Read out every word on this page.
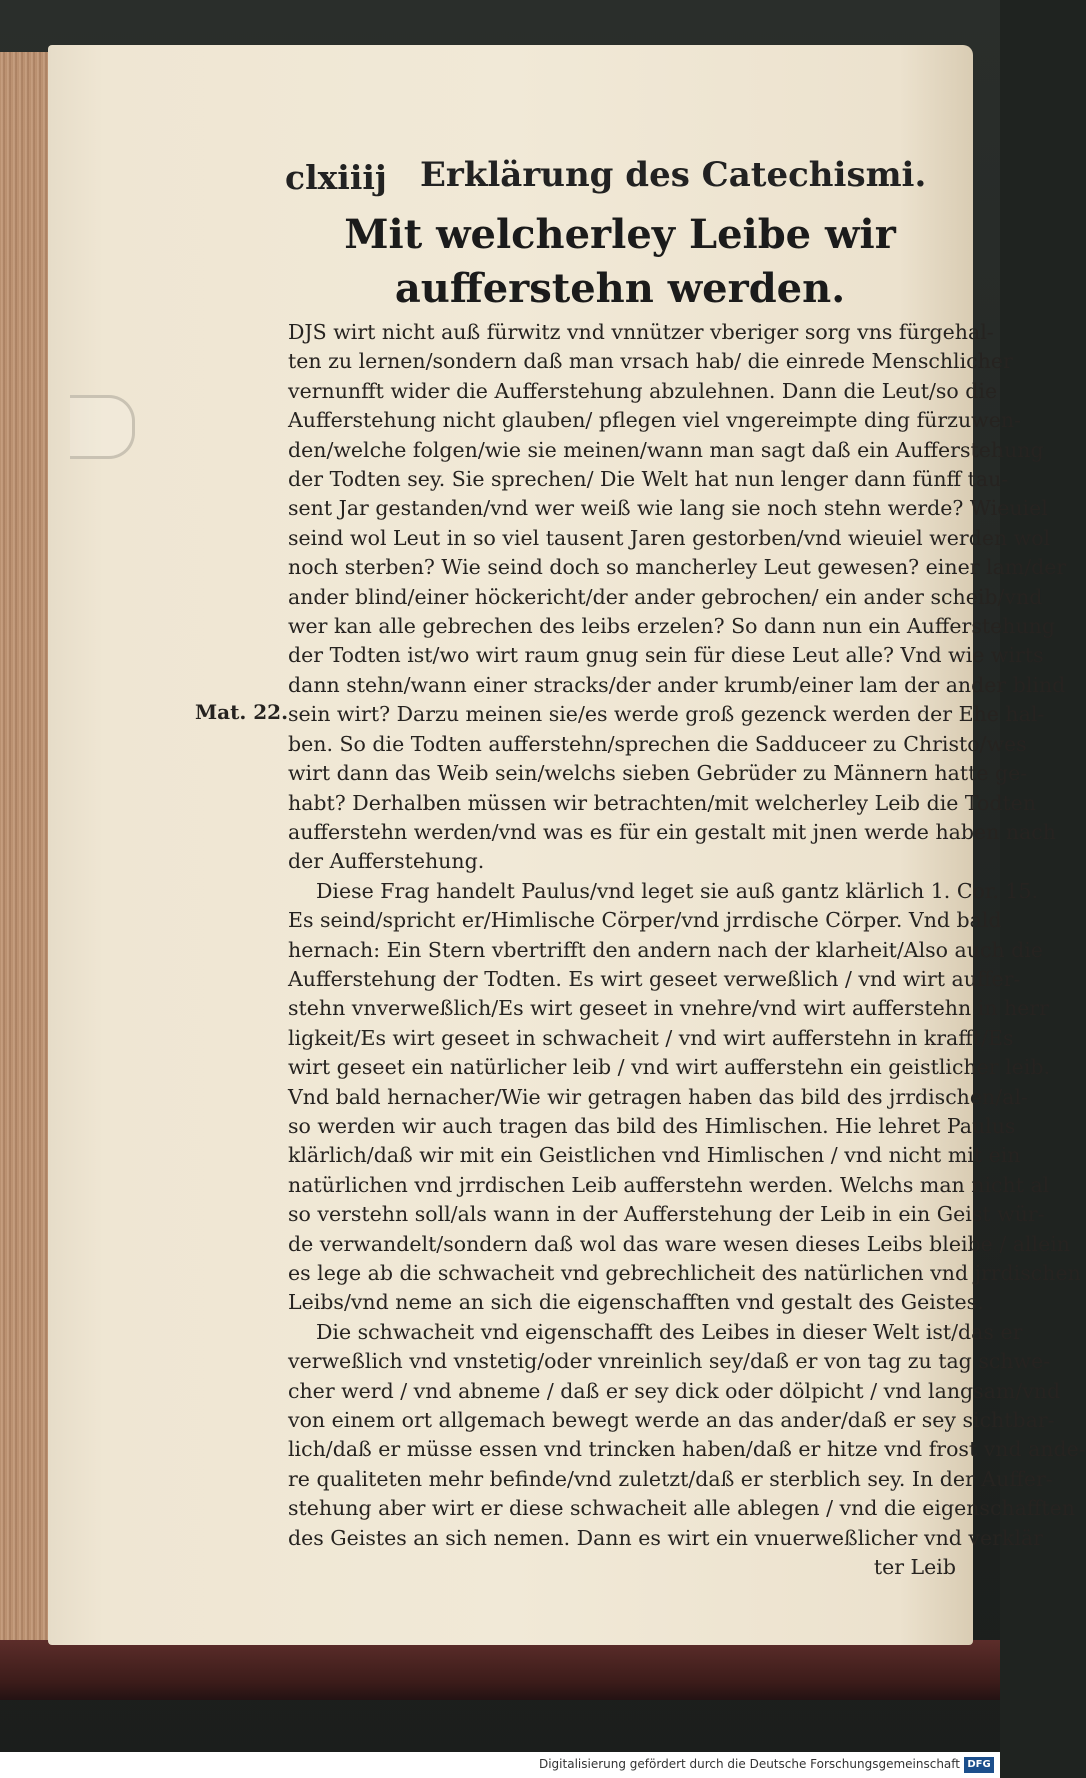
clxiiij Erklärung des Catechismi.

Mit welcherley Leibe wir aufferstehn werden.

Mat. 22.

DJS wirt nicht auß fürwitz vnd vnnützer vberiger sorg vns fürgehal-
ten zu lernen/sondern daß man vrsach hab/ die einrede Menschlicher
vernunfft wider die Aufferstehung abzulehnen. Dann die Leut/so die
Aufferstehung nicht glauben/ pflegen viel vngereimpte ding fürzuwen-
den/welche folgen/wie sie meinen/wann man sagt daß ein Aufferstehung
der Todten sey. Sie sprechen/ Die Welt hat nun lenger dann fünff tau-
sent Jar gestanden/vnd wer weiß wie lang sie noch stehn werde? Wieuiel
seind wol Leut in so viel tausent Jaren gestorben/vnd wieuiel werden wol
noch sterben? Wie seind doch so mancherley Leut gewesen? einer lam/der
ander blind/einer höckericht/der ander gebrochen/ ein ander scheib/vnd
wer kan alle gebrechen des leibs erzelen? So dann nun ein Aufferstehung
der Todten ist/wo wirt raum gnug sein für diese Leut alle? Vnd wie wirts
dann stehn/wann einer stracks/der ander krumb/einer lam der ander blind
sein wirt? Darzu meinen sie/es werde groß gezenck werden der Ehe hal-
ben. So die Todten aufferstehn/sprechen die Sadduceer zu Christo/wes
wirt dann das Weib sein/welchs sieben Gebrüder zu Männern hatte ge-
habt? Derhalben müssen wir betrachten/mit welcherley Leib die Todten
aufferstehn werden/vnd was es für ein gestalt mit jnen werde haben nach
der Aufferstehung.
Diese Frag handelt Paulus/vnd leget sie auß gantz klärlich 1. Cor. 15.
Es seind/spricht er/Himlische Cörper/vnd jrrdische Cörper. Vnd bald
hernach: Ein Stern vbertrifft den andern nach der klarheit/Also auch die
Aufferstehung der Todten. Es wirt geseet verweßlich / vnd wirt auffer-
stehn vnverweßlich/Es wirt geseet in vnehre/vnd wirt aufferstehn in herr
ligkeit/Es wirt geseet in schwacheit / vnd wirt aufferstehn in krafft/Es
wirt geseet ein natürlicher leib / vnd wirt aufferstehn ein geistlicher leib.
Vnd bald hernacher/Wie wir getragen haben das bild des jrrdischen/al-
so werden wir auch tragen das bild des Himlischen. Hie lehret Paulus
klärlich/daß wir mit ein Geistlichen vnd Himlischen / vnd nicht mit ein
natürlichen vnd jrrdischen Leib aufferstehn werden. Welchs man nicht al
so verstehn soll/als wann in der Aufferstehung der Leib in ein Geist wür-
de verwandelt/sondern daß wol das ware wesen dieses Leibs bleibe / allein
es lege ab die schwacheit vnd gebrechlicheit des natürlichen vnd jrrdischen
Leibs/vnd neme an sich die eigenschafften vnd gestalt des Geistes.
Die schwacheit vnd eigenschafft des Leibes in dieser Welt ist/das er
verweßlich vnd vnstetig/oder vnreinlich sey/daß er von tag zu tag schwe-
cher werd / vnd abneme / daß er sey dick oder dölpicht / vnd langsam/vnd
von einem ort allgemach bewegt werde an das ander/daß er sey sichtbar-
lich/daß er müsse essen vnd trincken haben/daß er hitze vnd frost vnd ande-
re qualiteten mehr befinde/vnd zuletzt/daß er sterblich sey. In der Auffer-
stehung aber wirt er diese schwacheit alle ablegen / vnd die eigenschafften
des Geistes an sich nemen. Dann es wirt ein vnuerweßlicher vnd verklär
ter Leib

Digitalisierung gefördert durch die Deutsche Forschungsgemeinschaft DFG
